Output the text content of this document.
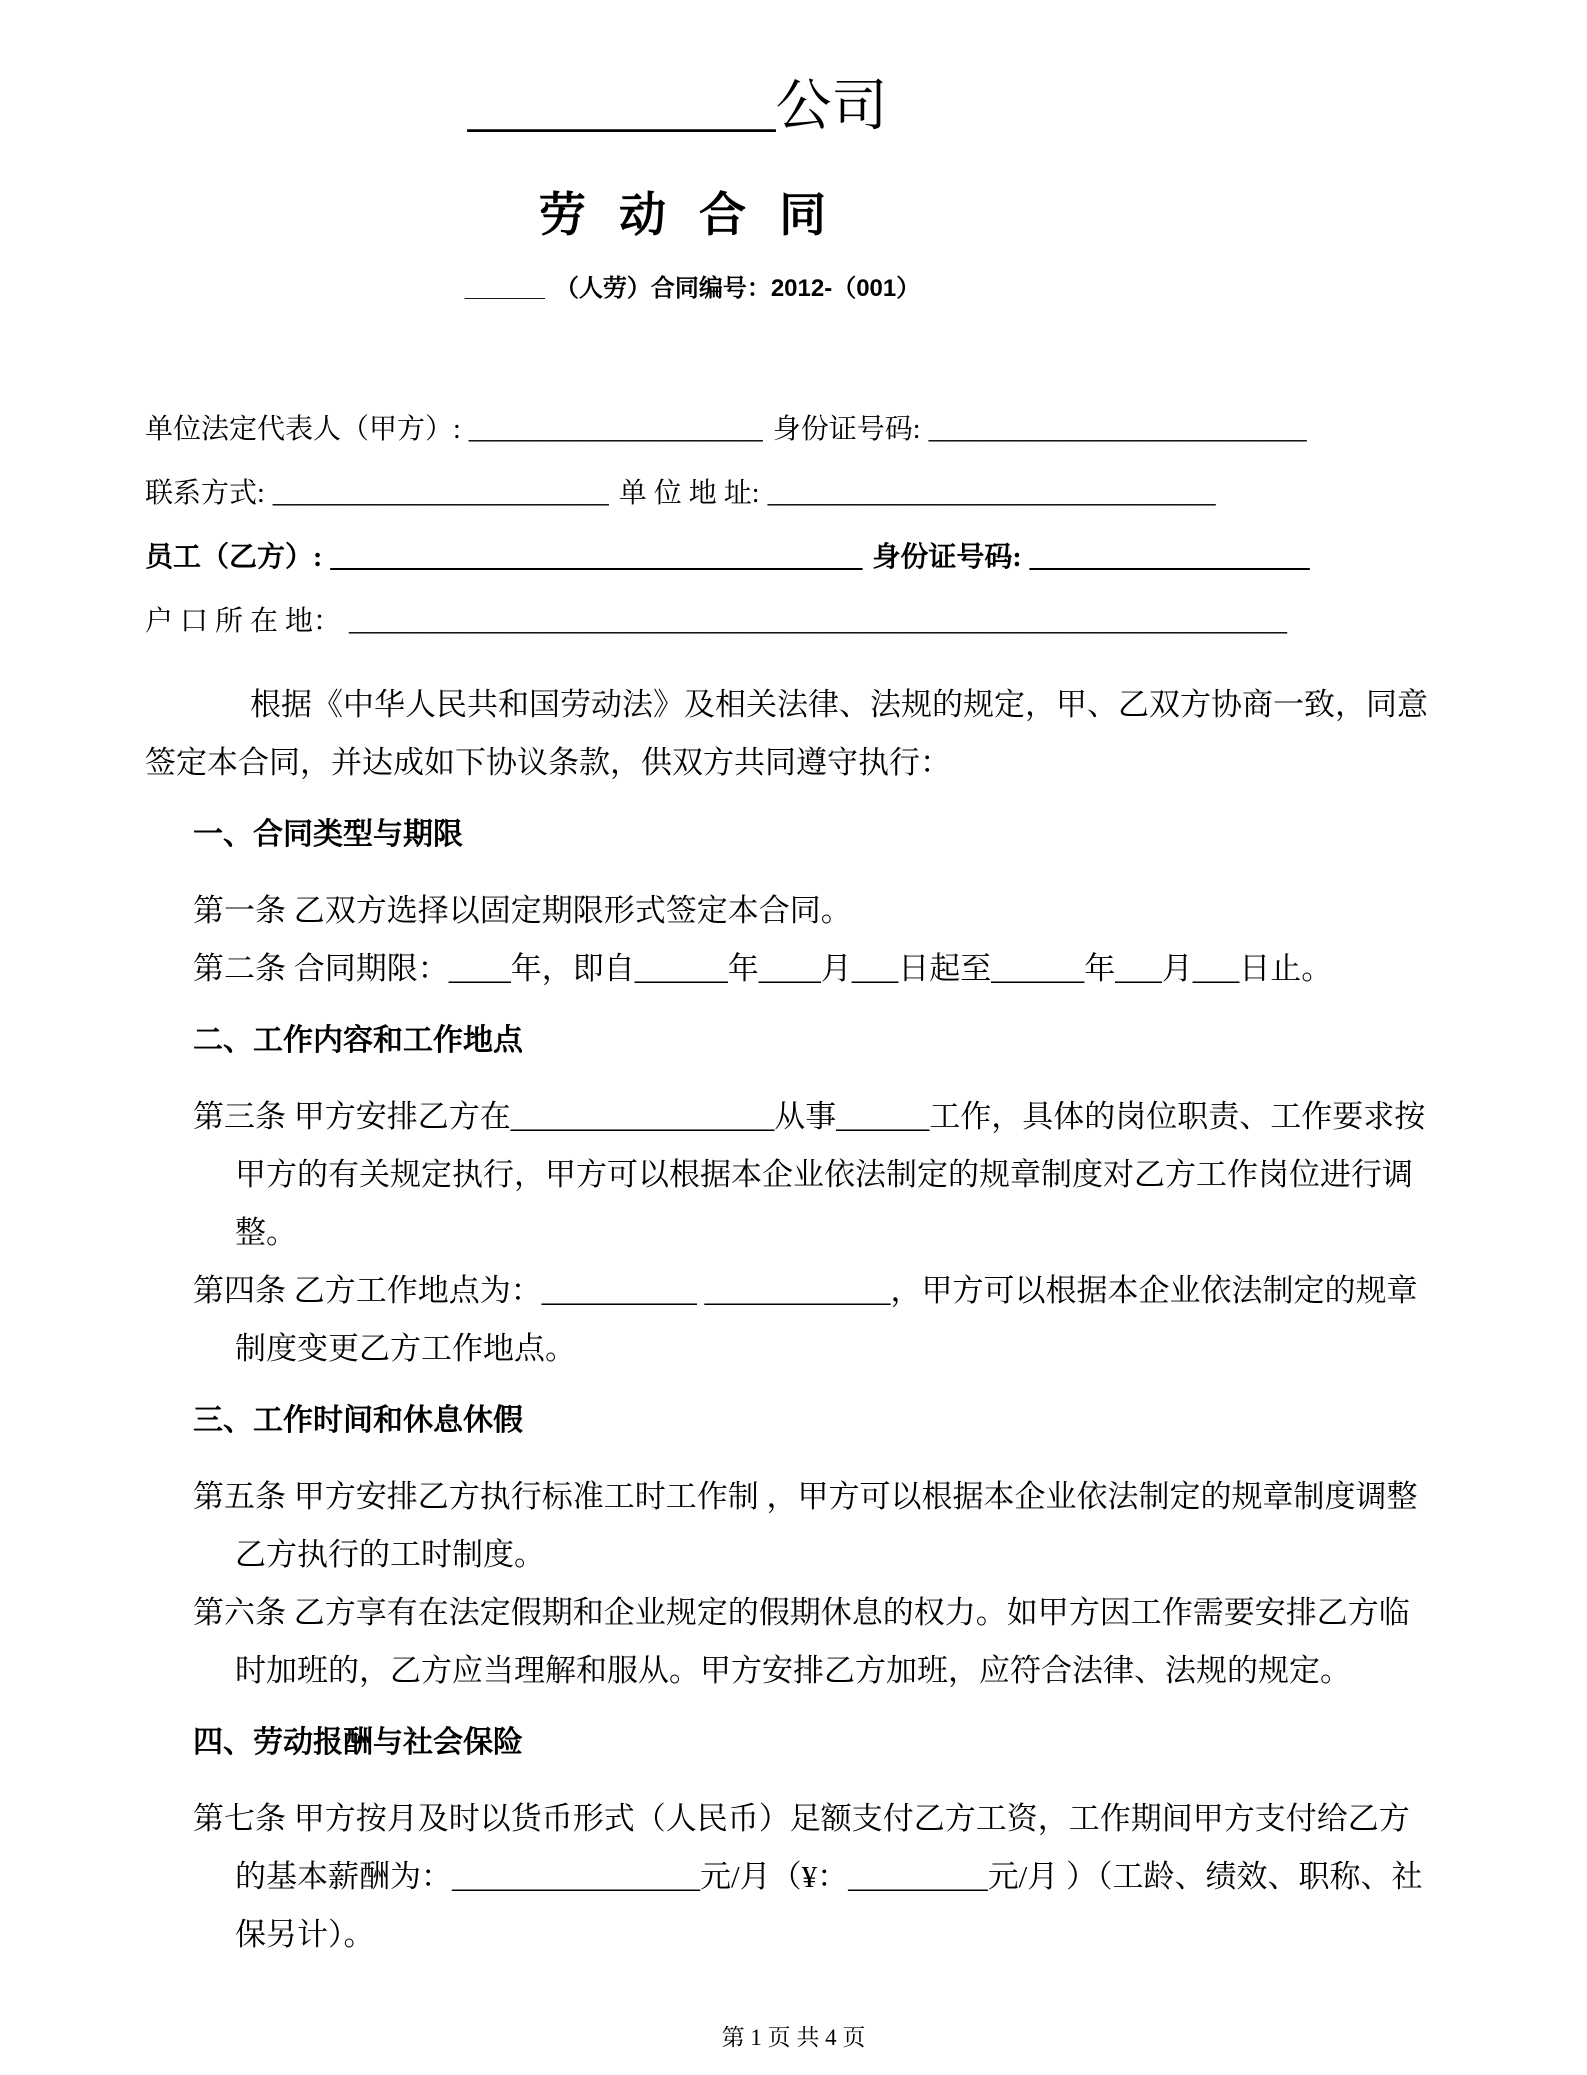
___________公司
劳 动 合 同
______ （人劳）合同编号：2012-（001）

单位法定代表人（甲方）: _____________________ 身份证号码: ___________________________

联系方式: ________________________ 单 位 地 址: ________________________________

员工（乙方）: ______________________________________ 身份证号码: ____________________

户 口 所 在 地： ___________________________________________________________________

根据《中华人民共和国劳动法》及相关法律、法规的规定，甲、乙双方协商一致，同意签定本合同，并达成如下协议条款，供双方共同遵守执行：

一、合同类型与期限

第一条 乙双方选择以固定期限形式签定本合同。

第二条 合同期限：____年，即自______年____月___日起至______年___月___日止。

二、工作内容和工作地点

第三条 甲方安排乙方在_________________从事______工作，具体的岗位职责、工作要求按甲方的有关规定执行，甲方可以根据本企业依法制定的规章制度对乙方工作岗位进行调整。

第四条 乙方工作地点为：__________ ____________，甲方可以根据本企业依法制定的规章制度变更乙方工作地点。

三、工作时间和休息休假

第五条 甲方安排乙方执行标准工时工作制 ，甲方可以根据本企业依法制定的规章制度调整乙方执行的工时制度。

第六条 乙方享有在法定假期和企业规定的假期休息的权力。如甲方因工作需要安排乙方临时加班的，乙方应当理解和服从。甲方安排乙方加班，应符合法律、法规的规定。

四、劳动报酬与社会保险

第七条 甲方按月及时以货币形式（人民币）足额支付乙方工资，工作期间甲方支付给乙方的基本薪酬为：________________元/月（¥：_________元/月 ）（工龄、绩效、职称、社保另计）。

第 1 页 共 4 页
